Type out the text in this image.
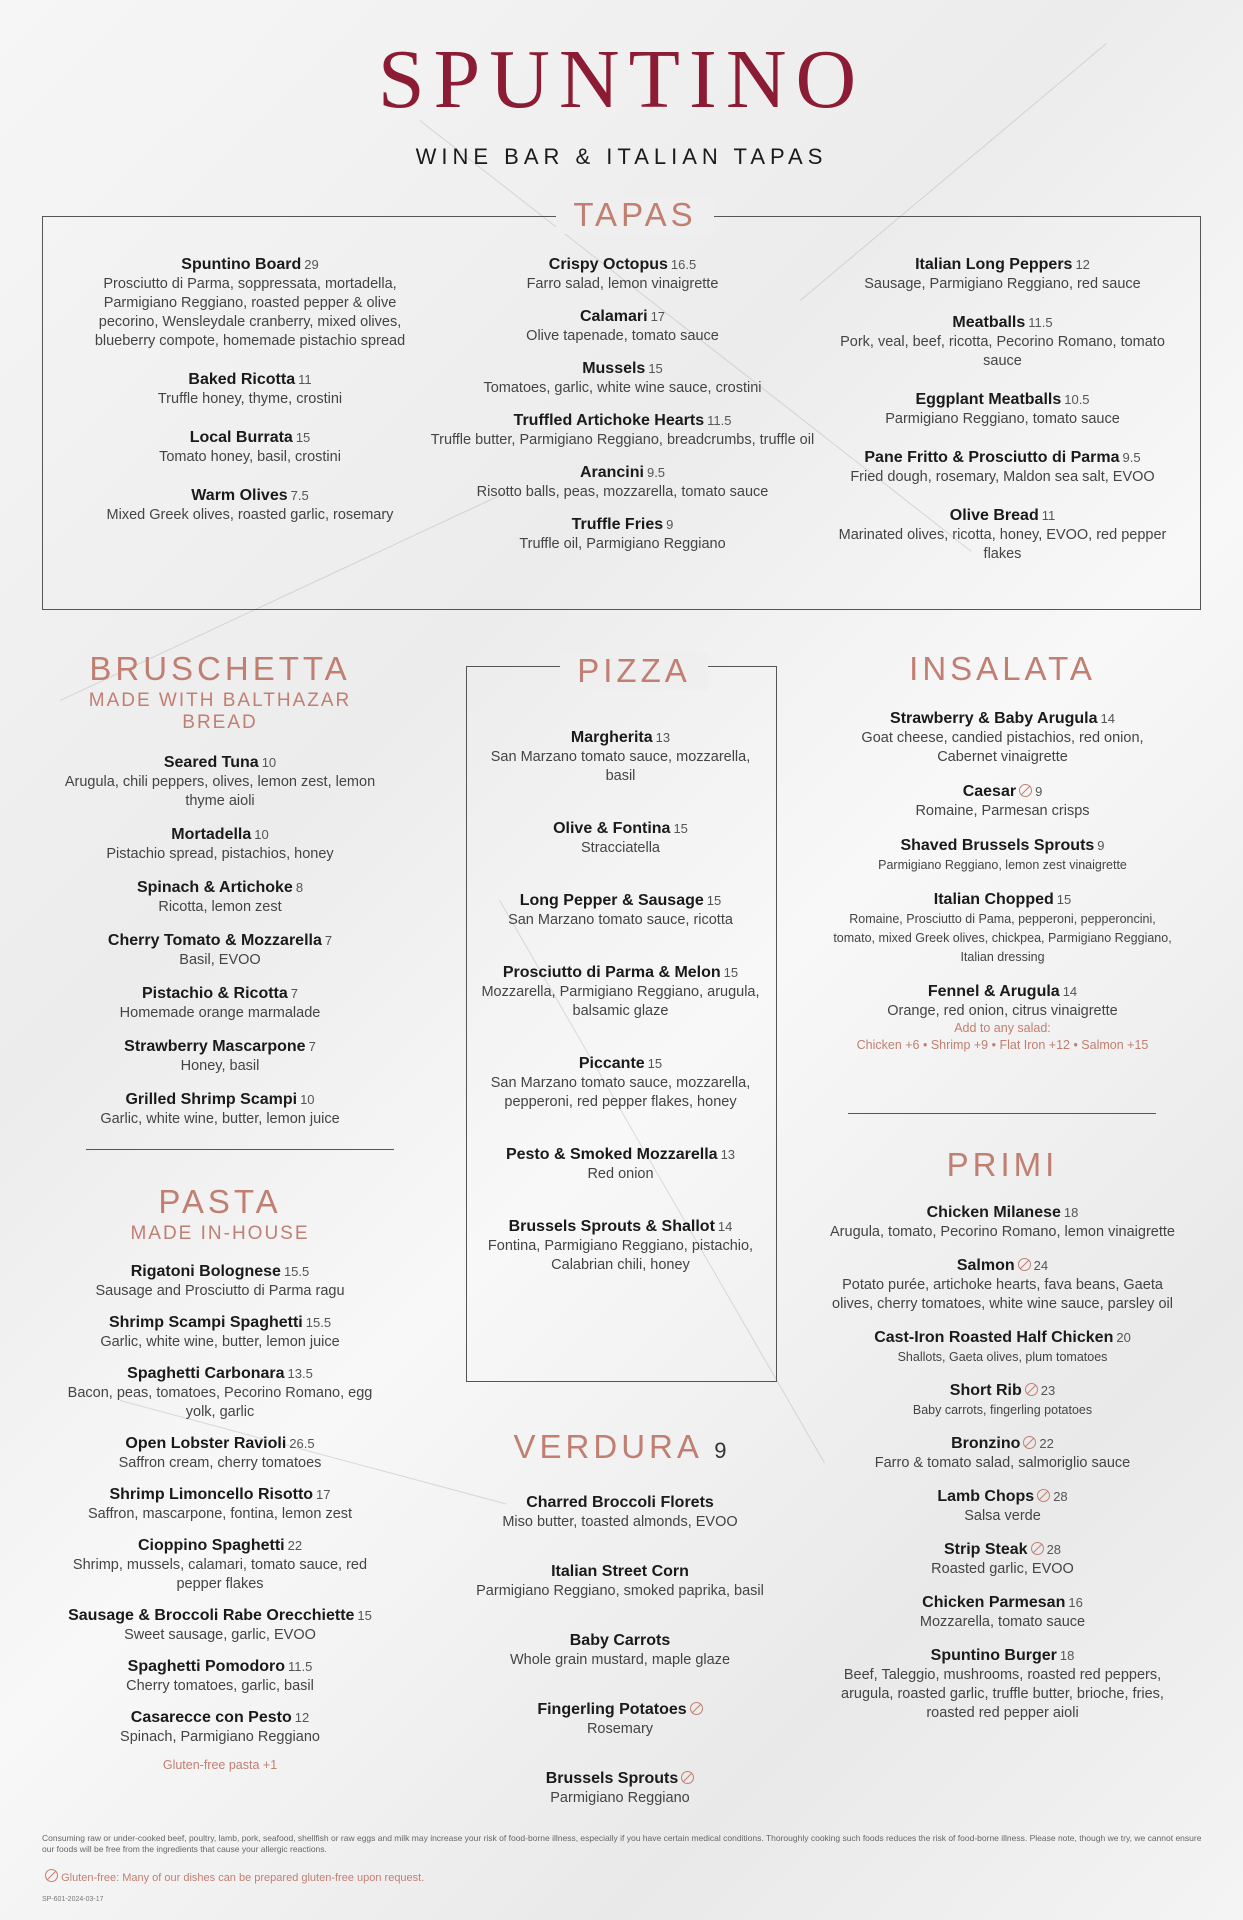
SPUNTINO
WINE BAR & ITALIAN TAPAS
TAPAS
Spuntino Board 29
Prosciutto di Parma, soppressata, mortadella, Parmigiano Reggiano, roasted pepper & olive pecorino, Wensleydale cranberry, mixed olives, blueberry compote, homemade pistachio spread
Baked Ricotta 11
Truffle honey, thyme, crostini
Local Burrata 15
Tomato honey, basil, crostini
Warm Olives 7.5
Mixed Greek olives, roasted garlic, rosemary
Crispy Octopus 16.5
Farro salad, lemon vinaigrette
Calamari 17
Olive tapenade, tomato sauce
Mussels 15
Tomatoes, garlic, white wine sauce, crostini
Truffled Artichoke Hearts 11.5
Truffle butter, Parmigiano Reggiano, breadcrumbs, truffle oil
Arancini 9.5
Risotto balls, peas, mozzarella, tomato sauce
Truffle Fries 9
Truffle oil, Parmigiano Reggiano
Italian Long Peppers 12
Sausage, Parmigiano Reggiano, red sauce
Meatballs 11.5
Pork, veal, beef, ricotta, Pecorino Romano, tomato sauce
Eggplant Meatballs 10.5
Parmigiano Reggiano, tomato sauce
Pane Fritto & Prosciutto di Parma 9.5
Fried dough, rosemary, Maldon sea salt, EVOO
Olive Bread 11
Marinated olives, ricotta, honey, EVOO, red pepper flakes
BRUSCHETTA
MADE WITH BALTHAZAR BREAD
Seared Tuna 10
Arugula, chili peppers, olives, lemon zest, lemon thyme aioli
Mortadella 10
Pistachio spread, pistachios, honey
Spinach & Artichoke 8
Ricotta, lemon zest
Cherry Tomato & Mozzarella 7
Basil, EVOO
Pistachio & Ricotta 7
Homemade orange marmalade
Strawberry Mascarpone 7
Honey, basil
Grilled Shrimp Scampi 10
Garlic, white wine, butter, lemon juice
PASTA
MADE IN-HOUSE
Rigatoni Bolognese 15.5
Sausage and Prosciutto di Parma ragu
Shrimp Scampi Spaghetti 15.5
Garlic, white wine, butter, lemon juice
Spaghetti Carbonara 13.5
Bacon, peas, tomatoes, Pecorino Romano, egg yolk, garlic
Open Lobster Ravioli 26.5
Saffron cream, cherry tomatoes
Shrimp Limoncello Risotto 17
Saffron, mascarpone, fontina, lemon zest
Cioppino Spaghetti 22
Shrimp, mussels, calamari, tomato sauce, red pepper flakes
Sausage & Broccoli Rabe Orecchiette 15
Sweet sausage, garlic, EVOO
Spaghetti Pomodoro 11.5
Cherry tomatoes, garlic, basil
Casarecce con Pesto 12
Spinach, Parmigiano Reggiano
Gluten-free pasta +1
PIZZA
Margherita 13
San Marzano tomato sauce, mozzarella, basil
Olive & Fontina 15
Stracciatella
Long Pepper & Sausage 15
San Marzano tomato sauce, ricotta
Prosciutto di Parma & Melon 15
Mozzarella, Parmigiano Reggiano, arugula, balsamic glaze
Piccante 15
San Marzano tomato sauce, mozzarella, pepperoni, red pepper flakes, honey
Pesto & Smoked Mozzarella 13
Red onion
Brussels Sprouts & Shallot 14
Fontina, Parmigiano Reggiano, pistachio, Calabrian chili, honey
VERDURA 9
Charred Broccoli Florets
Miso butter, toasted almonds, EVOO
Italian Street Corn
Parmigiano Reggiano, smoked paprika, basil
Baby Carrots
Whole grain mustard, maple glaze
Fingerling Potatoes
Rosemary
Brussels Sprouts
Parmigiano Reggiano
INSALATA
Strawberry & Baby Arugula 14
Goat cheese, candied pistachios, red onion, Cabernet vinaigrette
Caesar 9
Romaine, Parmesan crisps
Shaved Brussels Sprouts 9
Parmigiano Reggiano, lemon zest vinaigrette
Italian Chopped 15
Romaine, Prosciutto di Pama, pepperoni, pepperoncini, tomato, mixed Greek olives, chickpea, Parmigiano Reggiano, Italian dressing
Fennel & Arugula 14
Orange, red onion, citrus vinaigrette
Add to any salad:
Chicken +6 • Shrimp +9 • Flat Iron +12 • Salmon +15
PRIMI
Chicken Milanese 18
Arugula, tomato, Pecorino Romano, lemon vinaigrette
Salmon 24
Potato purée, artichoke hearts, fava beans, Gaeta olives, cherry tomatoes, white wine sauce, parsley oil
Cast-Iron Roasted Half Chicken 20
Shallots, Gaeta olives, plum tomatoes
Short Rib 23
Baby carrots, fingerling potatoes
Bronzino 22
Farro & tomato salad, salmoriglio sauce
Lamb Chops 28
Salsa verde
Strip Steak 28
Roasted garlic, EVOO
Chicken Parmesan 16
Mozzarella, tomato sauce
Spuntino Burger 18
Beef, Taleggio, mushrooms, roasted red peppers, arugula, roasted garlic, truffle butter, brioche, fries, roasted red pepper aioli
Consuming raw or under-cooked beef, poultry, lamb, pork, seafood, shellfish or raw eggs and milk may increase your risk of food-borne illness, especially if you have certain medical conditions. Thoroughly cooking such foods reduces the risk of food-borne illness. Please note, though we try, we cannot ensure our foods will be free from the ingredients that cause your allergic reactions.
Gluten-free: Many of our dishes can be prepared gluten-free upon request.
SP-601-2024-03-17
